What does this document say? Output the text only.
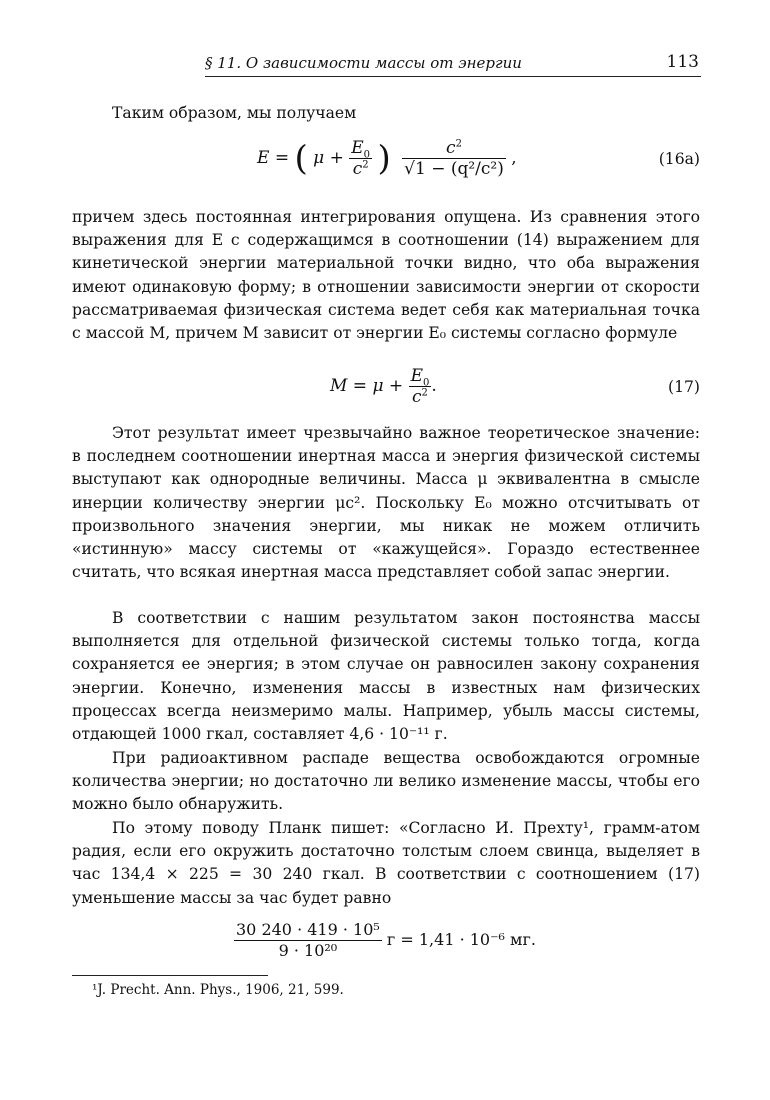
§ 11. О зависимости массы от энергии	113

Таким образом, мы получаем

E = ( $\mu + \frac{E_0}{c^2}$ ) $\frac{c^2}{\text{√1 − (q²/c²)}}$ ,	(16a)

причем здесь постоянная интегрирования опущена. Из сравнения этого выражения для E с содержащимся в соотношении (14) выражением для кинетической энергии материальной точки видно, что оба выражения имеют одинаковую форму; в отношении зависимости энергии от скорости рассматриваемая физическая система ведет себя как материальная точка с массой M, причем M зависит от энергии E₀ системы согласно формуле

$M = \mu + \frac{E_0}{c^2}$ .	(17)

Этот результат имеет чрезвычайно важное теоретическое значение: в последнем соотношении инертная масса и энергия физической системы выступают как однородные величины. Масса μ эквивалентна в смысле инерции количеству энергии μc². Поскольку E₀ можно отсчитывать от произвольного значения энергии, мы никак не можем отличить «истинную» массу системы от «кажущейся». Гораздо естественнее считать, что всякая инертная масса представляет собой запас энергии.

В соответствии с нашим результатом закон постоянства массы выполняется для отдельной физической системы только тогда, когда сохраняется ее энергия; в этом случае он равносилен закону сохранения энергии. Конечно, изменения массы в известных нам физических процессах всегда неизмеримо малы. Например, убыль массы системы, отдающей 1000 гкал, составляет 4,6 · 10⁻¹¹ г.

При радиоактивном распаде вещества освобождаются огромные количества энергии; но достаточно ли велико изменение массы, чтобы его можно было обнаружить.

По этому поводу Планк пишет: «Согласно И. Прехту¹, грамм-атом радия, если его окружить достаточно толстым слоем свинца, выделяет в час 134,4 × 225 = 30 240 гкал. В соответствии с соотношением (17) уменьшение массы за час будет равно

$\frac{\text{30 240 · 419 · 10⁵}}{\text{9 · 10²⁰}}$ г = 1,41 · 10⁻⁶ мг.
¹J. Precht. Ann. Phys., 1906, 21, 599.
